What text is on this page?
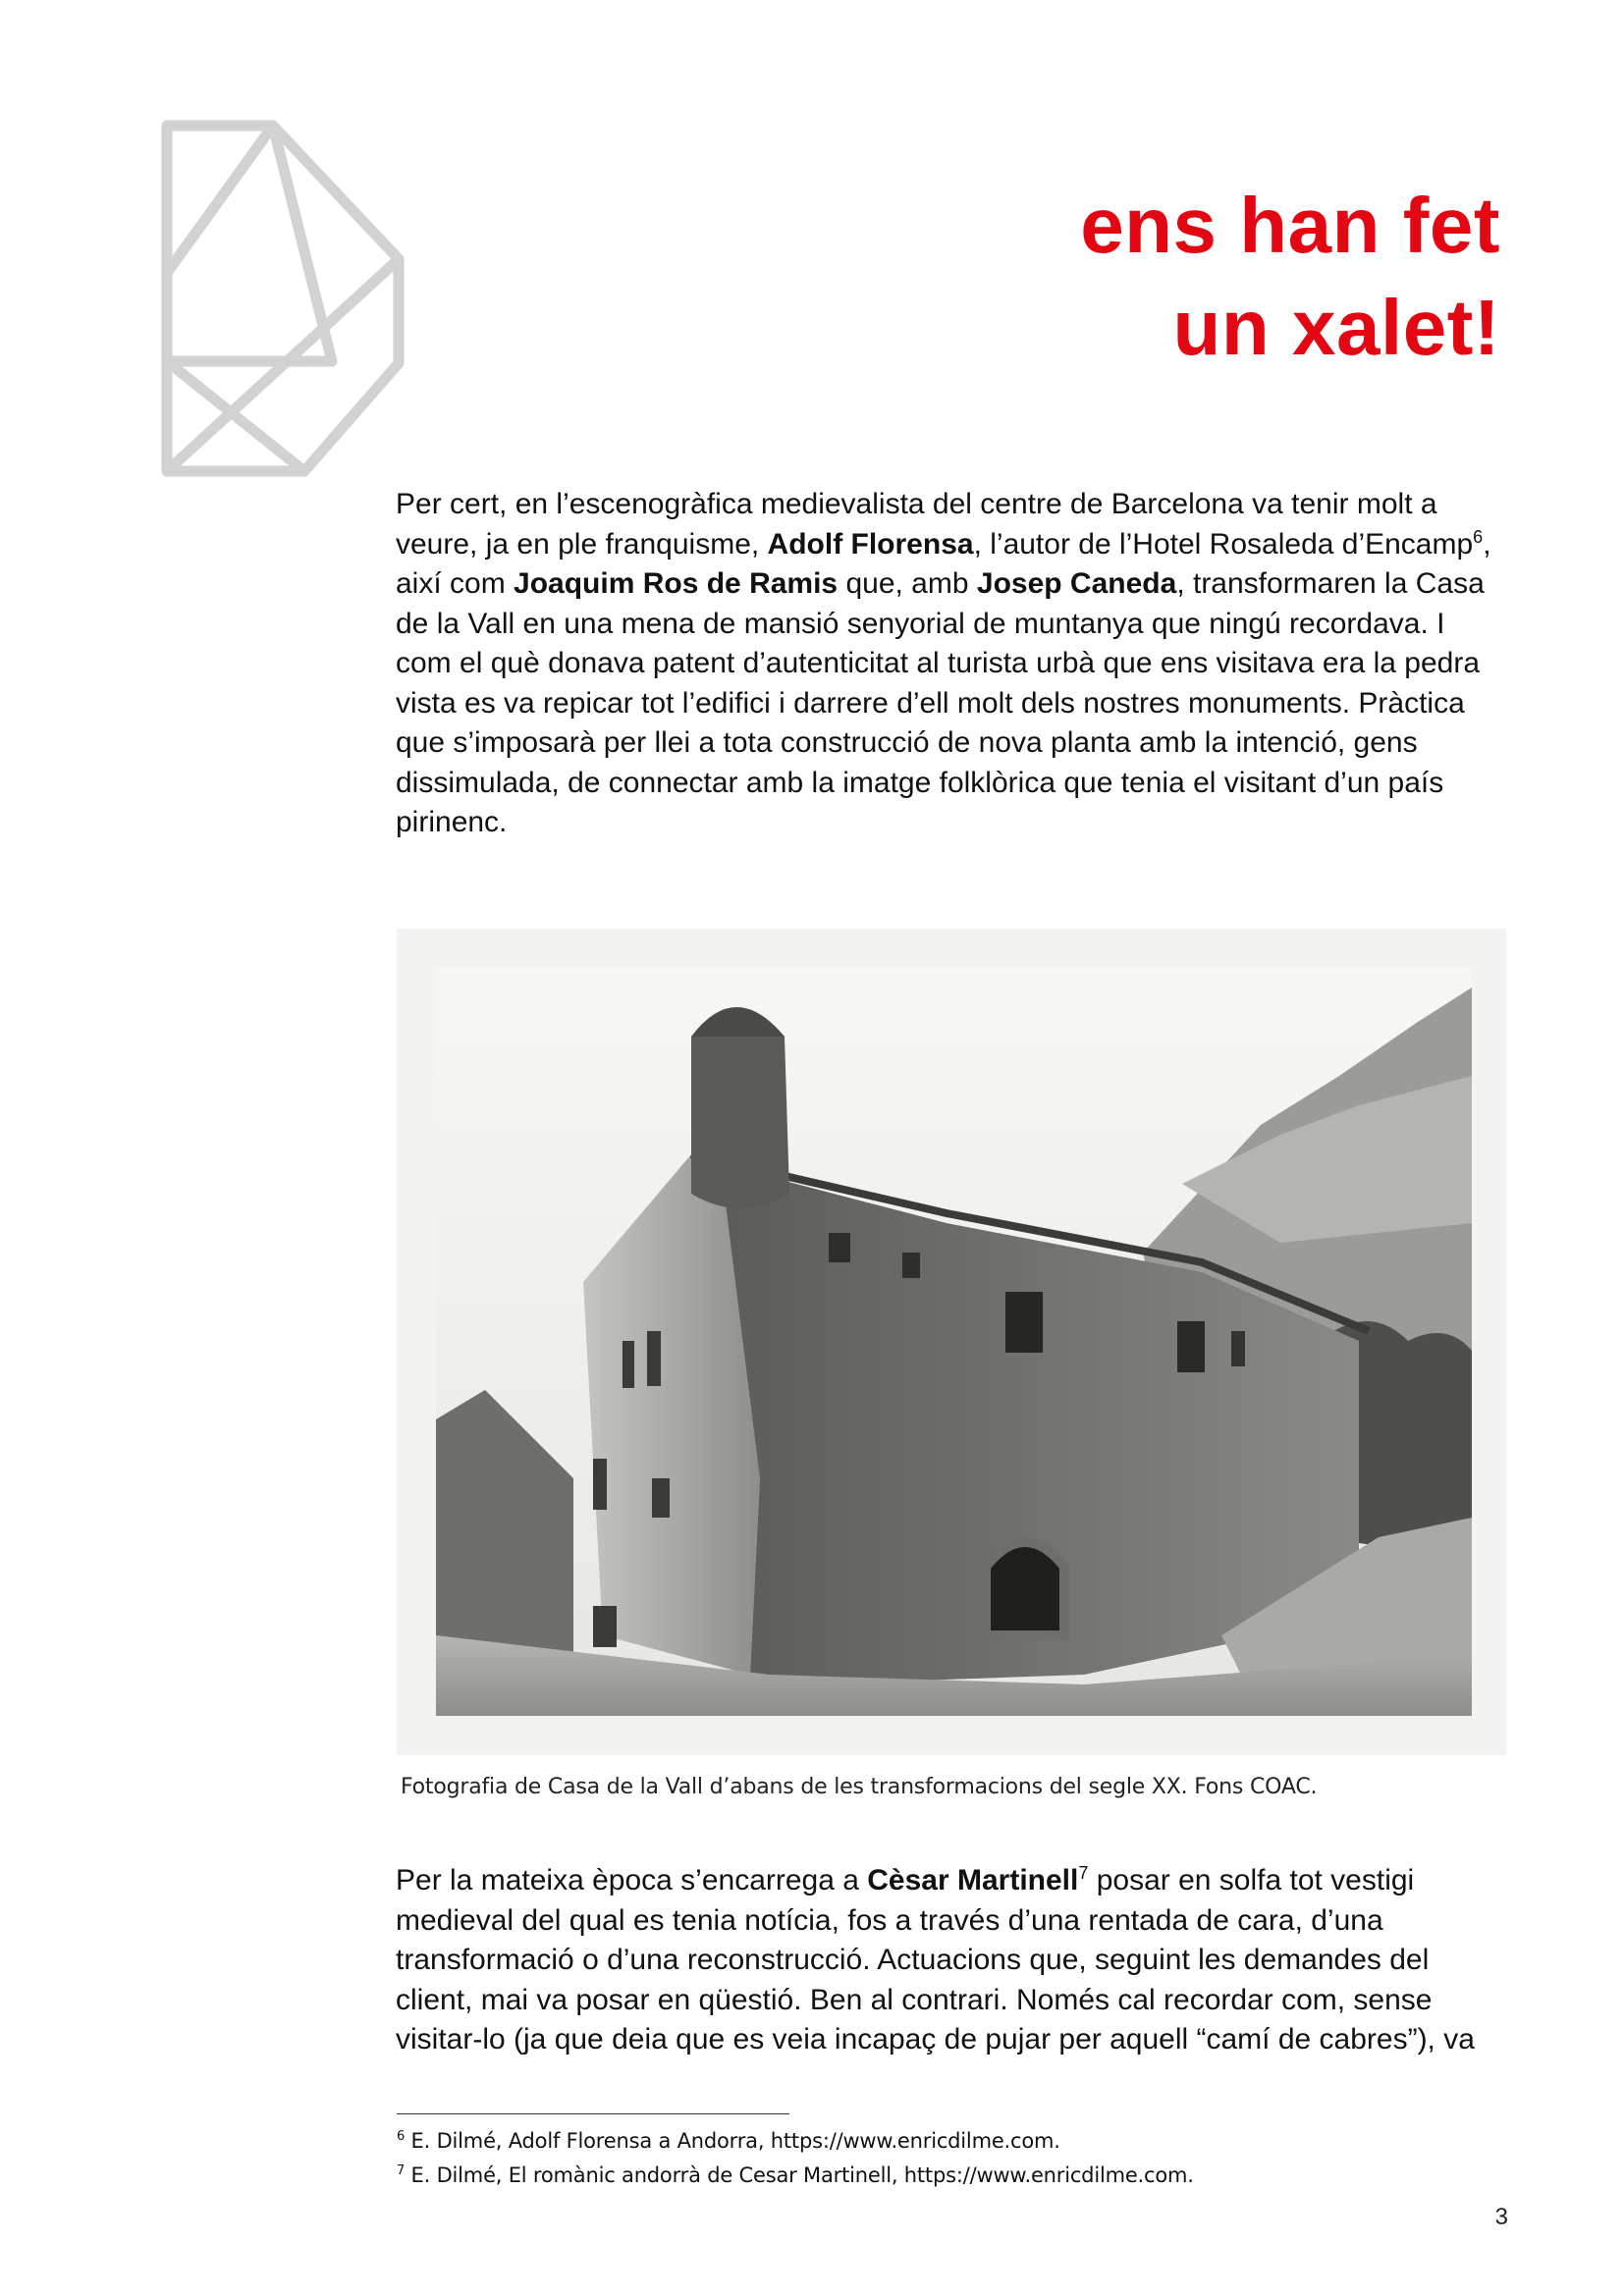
ens han fet
un xalet!
Per cert, en l’escenogràfica medievalista del centre de Barcelona va tenir molt a veure, ja en ple franquisme, Adolf Florensa, l’autor de l’Hotel Rosaleda d’Encamp$^6$, així com Joaquim Ros de Ramis que, amb Josep Caneda, transformaren la Casa de la Vall en una mena de mansió senyorial de muntanya que ningú recordava. I com el què donava patent d’autenticitat al turista urbà que ens visitava era la pedra vista es va repicar tot l’edifici i darrere d’ell molt dels nostres monuments. Pràctica que s’imposarà per llei a tota construcció de nova planta amb la intenció, gens dissimulada, de connectar amb la imatge folklòrica que tenia el visitant d’un país pirinenc.
Fotografia de Casa de la Vall d’abans de les transformacions del segle XX. Fons COAC.
Per la mateixa època s’encarrega a Cèsar Martinell$^7$ posar en solfa tot vestigi medieval del qual es tenia notícia, fos a través d’una rentada de cara, d’una transformació o d’una reconstrucció. Actuacions que, seguint les demandes del client, mai va posar en qüestió. Ben al contrari. Només cal recordar com, sense visitar-lo (ja que deia que es veia incapaç de pujar per aquell “camí de cabres”), va
$^6$ E. Dilmé, Adolf Florensa a Andorra, https://www.enricdilme.com.
$^7$ E. Dilmé, El romànic andorrà de Cesar Martinell, https://www.enricdilme.com.
3
